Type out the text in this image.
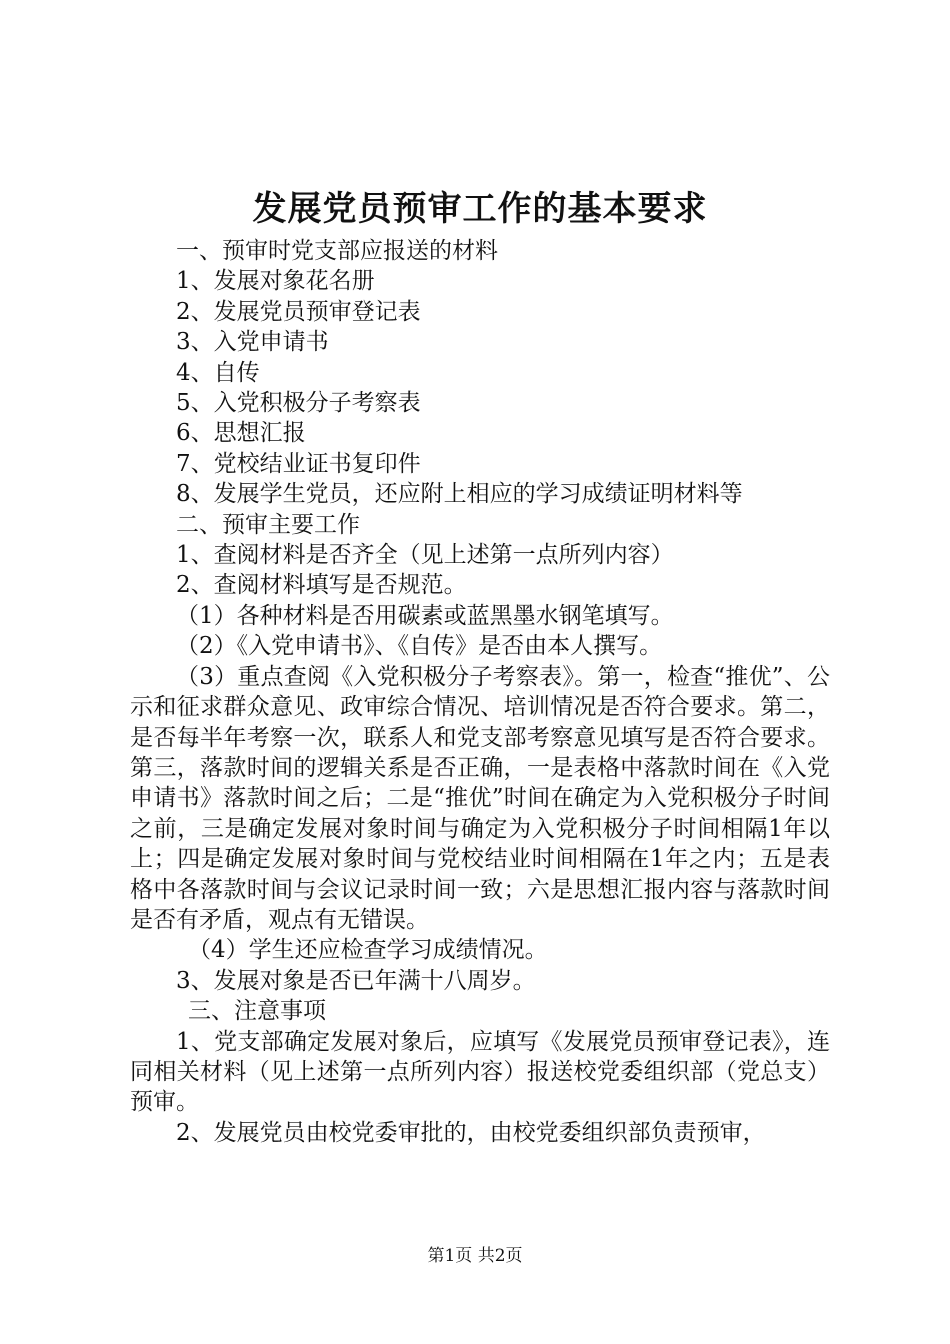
发展党员预审工作的基本要求

一、预审时党支部应报送的材料

1、发展对象花名册

2、发展党员预审登记表

3、入党申请书

4、自传

5、入党积极分子考察表

6、思想汇报

7、党校结业证书复印件

8、发展学生党员，还应附上相应的学习成绩证明材料等

二、预审主要工作

1、查阅材料是否齐全（见上述第一点所列内容）

2、查阅材料填写是否规范。

（1）各种材料是否用碳素或蓝黑墨水钢笔填写。

（2）《入党申请书》、《自传》是否由本人撰写。

（3）重点查阅《入党积极分子考察表》。第一，检查“推优”、公示和征求群众意见、政审综合情况、培训情况是否符合要求。第二，是否每半年考察一次，联系人和党支部考察意见填写是否符合要求。第三，落款时间的逻辑关系是否正确，一是表格中落款时间在《入党申请书》落款时间之后；二是“推优”时间在确定为入党积极分子时间之前，三是确定发展对象时间与确定为入党积极分子时间相隔1年以上；四是确定发展对象时间与党校结业时间相隔在1年之内；五是表格中各落款时间与会议记录时间一致；六是思想汇报内容与落款时间是否有矛盾，观点有无错误。

（4）学生还应检查学习成绩情况。

3、发展对象是否已年满十八周岁。

三、注意事项

1、党支部确定发展对象后，应填写《发展党员预审登记表》，连同相关材料（见上述第一点所列内容）报送校党委组织部（党总支）预审。

2、发展党员由校党委审批的，由校党委组织部负责预审，

第1页 共2页
